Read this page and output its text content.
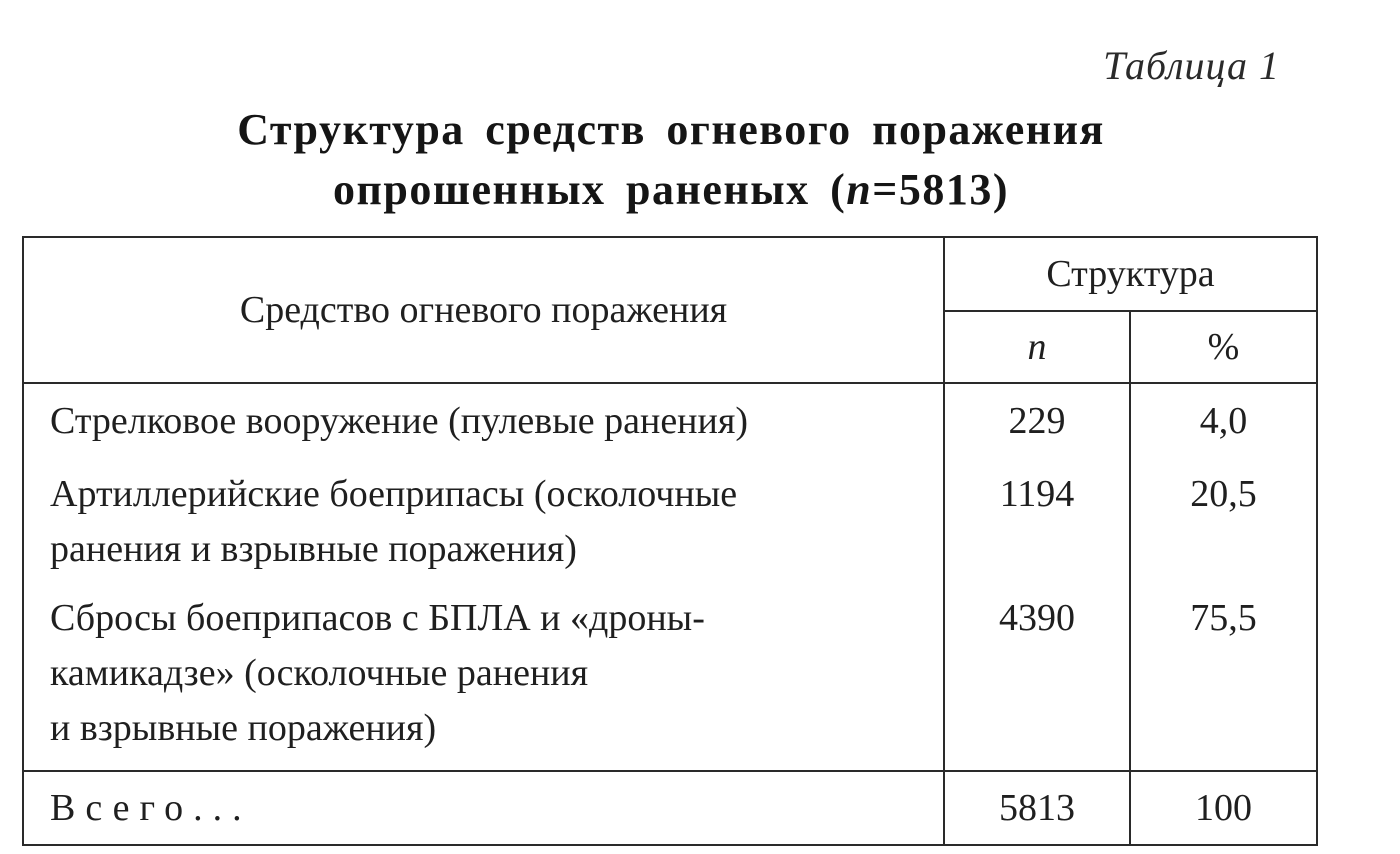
Таблица 1
Структура средств огневого поражения
опрошенных раненых (n=5813)
Средство огневого поражения	Структура	
	n	%

Стрелковое вооружение (пулевые ранения)	229	4,0

Артиллерийские боеприпасы (осколочные
ранения и взрывные поражения)	1194	20,5

Сбросы боеприпасов с БПЛА и «дроны-
камикадзе» (осколочные ранения
и взрывные поражения)	4390	75,5
Всего...	5813	100
